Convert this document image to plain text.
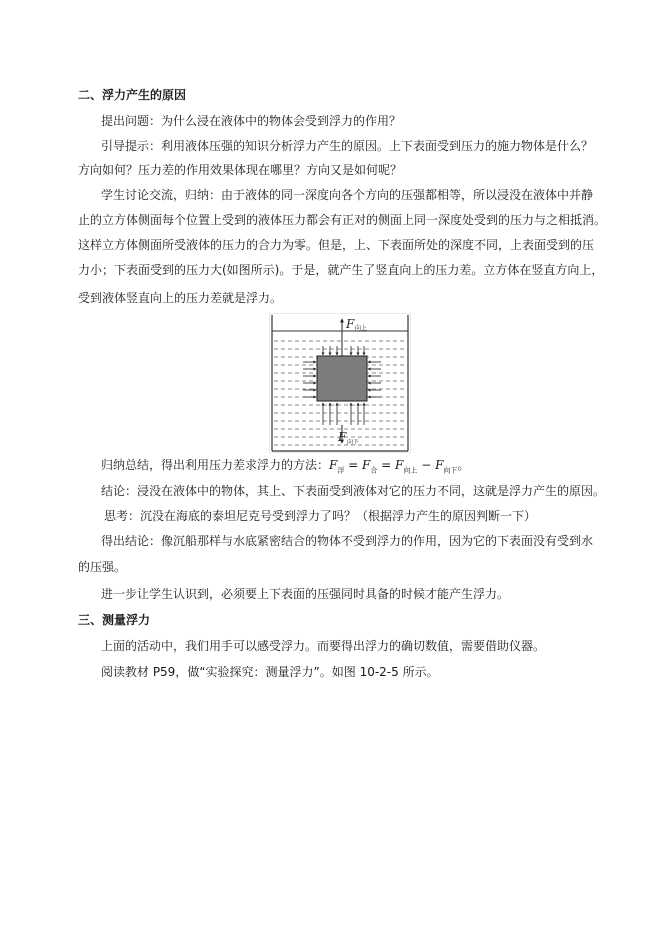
二、浮力产生的原因
提出问题：为什么浸在液体中的物体会受到浮力的作用？
引导提示：利用液体压强的知识分析浮力产生的原因。上下表面受到压力的施力物体是什么？
方向如何？压力差的作用效果体现在哪里？方向又是如何呢？
学生讨论交流，归纳：由于液体的同一深度向各个方向的压强都相等，所以浸没在液体中并静
止的立方体侧面每个位置上受到的液体压力都会有正对的侧面上同一深度处受到的压力与之相抵消。
这样立方体侧面所受液体的压力的合力为零。但是，上、下表面所处的深度不同，上表面受到的压
力小；下表面受到的压力大(如图所示)。于是，就产生了竖直向上的压力差。立方体在竖直方向上，
受到液体竖直向上的压力差就是浮力。
F 向上
F 向下
归纳总结，得出利用压力差求浮力的方法：$F_浮 = F_合 = F_{向上} - F_{向下}$。
结论：浸没在液体中的物体，其上、下表面受到液体对它的压力不同，这就是浮力产生的原因。
思考：沉没在海底的泰坦尼克号受到浮力了吗？（根据浮力产生的原因判断一下）
得出结论：像沉船那样与水底紧密结合的物体不受到浮力的作用，因为它的下表面没有受到水
的压强。
进一步让学生认识到，必须要上下表面的压强同时具备的时候才能产生浮力。
三、测量浮力
上面的活动中，我们用手可以感受浮力。而要得出浮力的确切数值，需要借助仪器。
阅读教材 P59，做“实验探究：测量浮力”。如图 10-2-5 所示。
